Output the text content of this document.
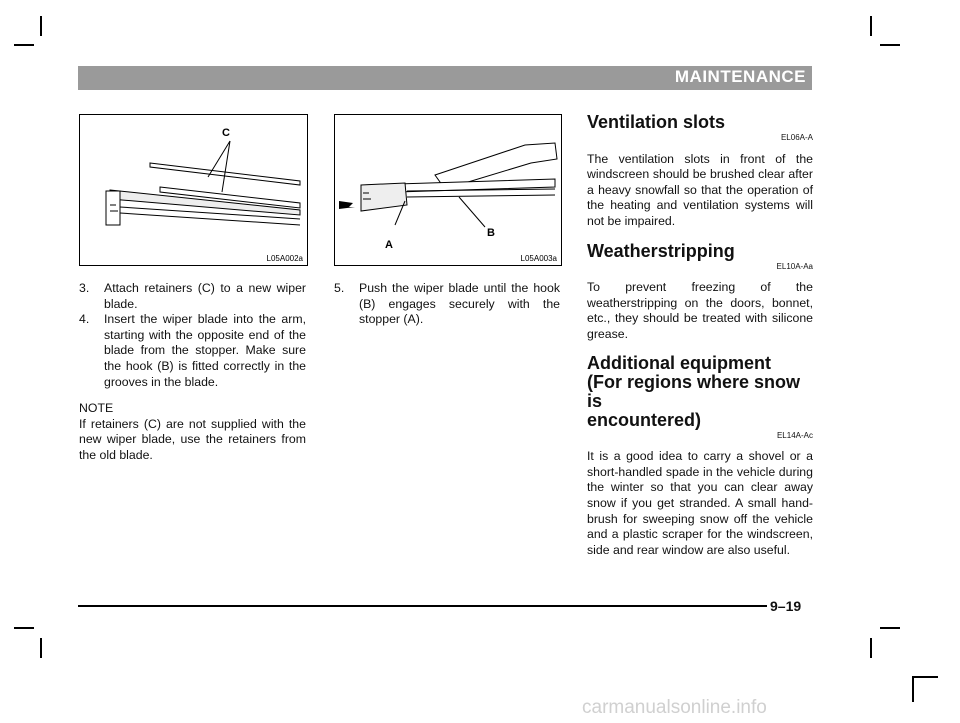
MAINTENANCE
C
L05A002a
A
B
L05A003a
3. Attach retainers (C) to a new wiper blade.
4. Insert the wiper blade into the arm, starting with the opposite end of the blade from the stopper. Make sure the hook (B) is fitted correctly in the grooves in the blade.
NOTE
If retainers (C) are not supplied with the new wiper blade, use the retainers from the old blade.
5. Push the wiper blade until the hook (B) engages securely with the stopper (A).
Ventilation slots
EL06A-A
The ventilation slots in front of the windscreen should be brushed clear after a heavy snowfall so that the operation of the heating and ventilation systems will not be impaired.
Weatherstripping
EL10A-Aa
To prevent freezing of the weatherstripping on the doors, bonnet, etc., they should be treated with silicone grease.
Additional equipment
(For regions where snow is
encountered)
EL14A-Ac
It is a good idea to carry a shovel or a short-handled spade in the vehicle during the winter so that you can clear away snow if you get stranded. A small hand-brush for sweeping snow off the vehicle and a plastic scraper for the windscreen, side and rear window are also useful.
9–19
carmanualsonline.info
